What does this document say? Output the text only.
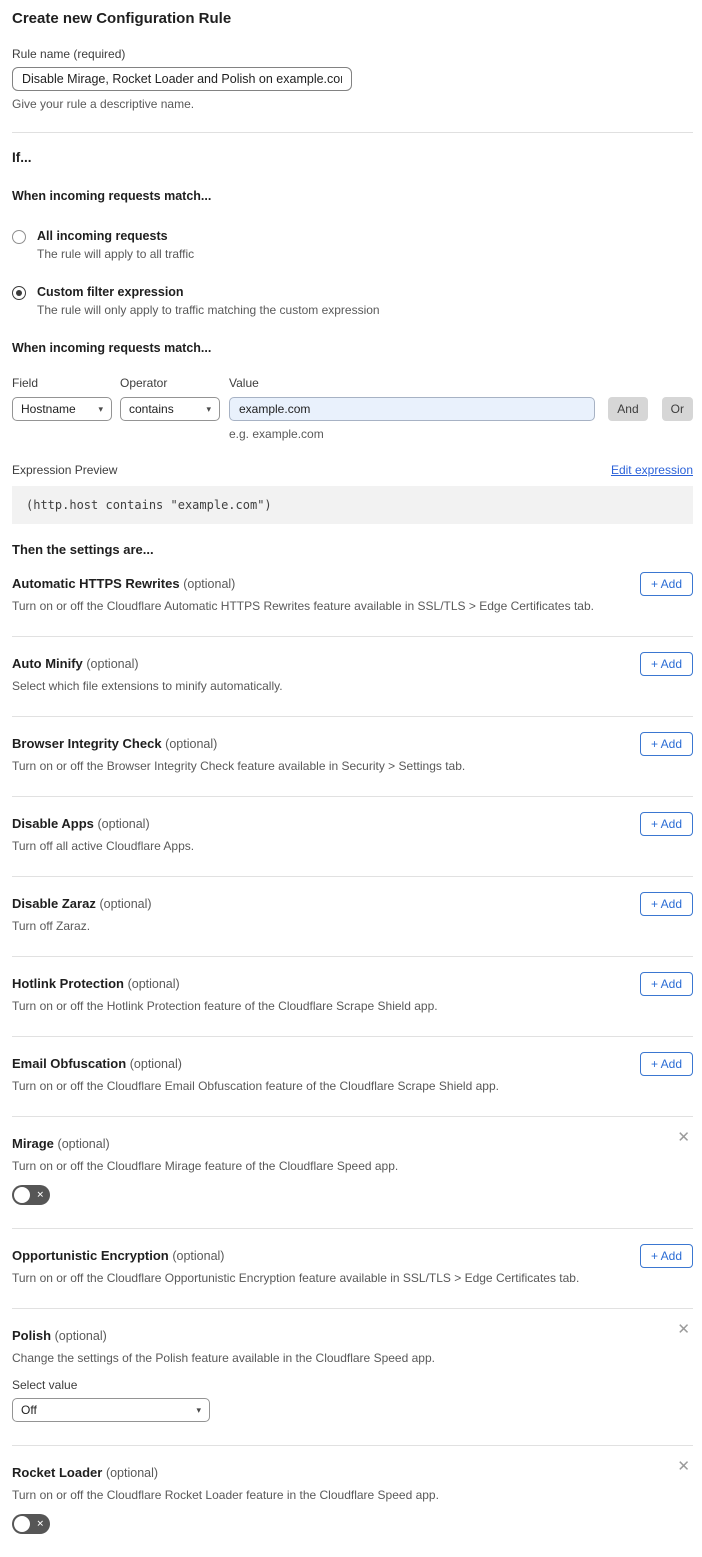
Create new Configuration Rule
Rule name (required)
Disable Mirage, Rocket Loader and Polish on example.com
Give your rule a descriptive name.
If...
When incoming requests match...
All incoming requests
The rule will apply to all traffic
Custom filter expression
The rule will only apply to traffic matching the custom expression
When incoming requests match...
Field
Hostname	▾
Operator
contains	▾
Value
example.com
And	Or
e.g. example.com
Expression Preview	Edit expression
(http.host contains "example.com")
Then the settings are...
Automatic HTTPS Rewrites (optional)

Turn on or off the Cloudflare Automatic HTTPS Rewrites feature available in SSL/TLS > Edge Certificates tab.

+ Add
Auto Minify (optional)

Select which file extensions to minify automatically.

+ Add
Browser Integrity Check (optional)

Turn on or off the Browser Integrity Check feature available in Security > Settings tab.

+ Add
Disable Apps (optional)

Turn off all active Cloudflare Apps.

+ Add
Disable Zaraz (optional)

Turn off Zaraz.

+ Add
Hotlink Protection (optional)

Turn on or off the Hotlink Protection feature of the Cloudflare Scrape Shield app.

+ Add
Email Obfuscation (optional)

Turn on or off the Cloudflare Email Obfuscation feature of the Cloudflare Scrape Shield app.

+ Add
Mirage (optional)

Turn on or off the Cloudflare Mirage feature of the Cloudflare Speed app.

✕
✕
Opportunistic Encryption (optional)

Turn on or off the Cloudflare Opportunistic Encryption feature available in SSL/TLS > Edge Certificates tab.

+ Add
Polish (optional)

Change the settings of the Polish feature available in the Cloudflare Speed app.

Select value
Off	▾
✕
Rocket Loader (optional)

Turn on or off the Cloudflare Rocket Loader feature in the Cloudflare Speed app.

✕
✕
